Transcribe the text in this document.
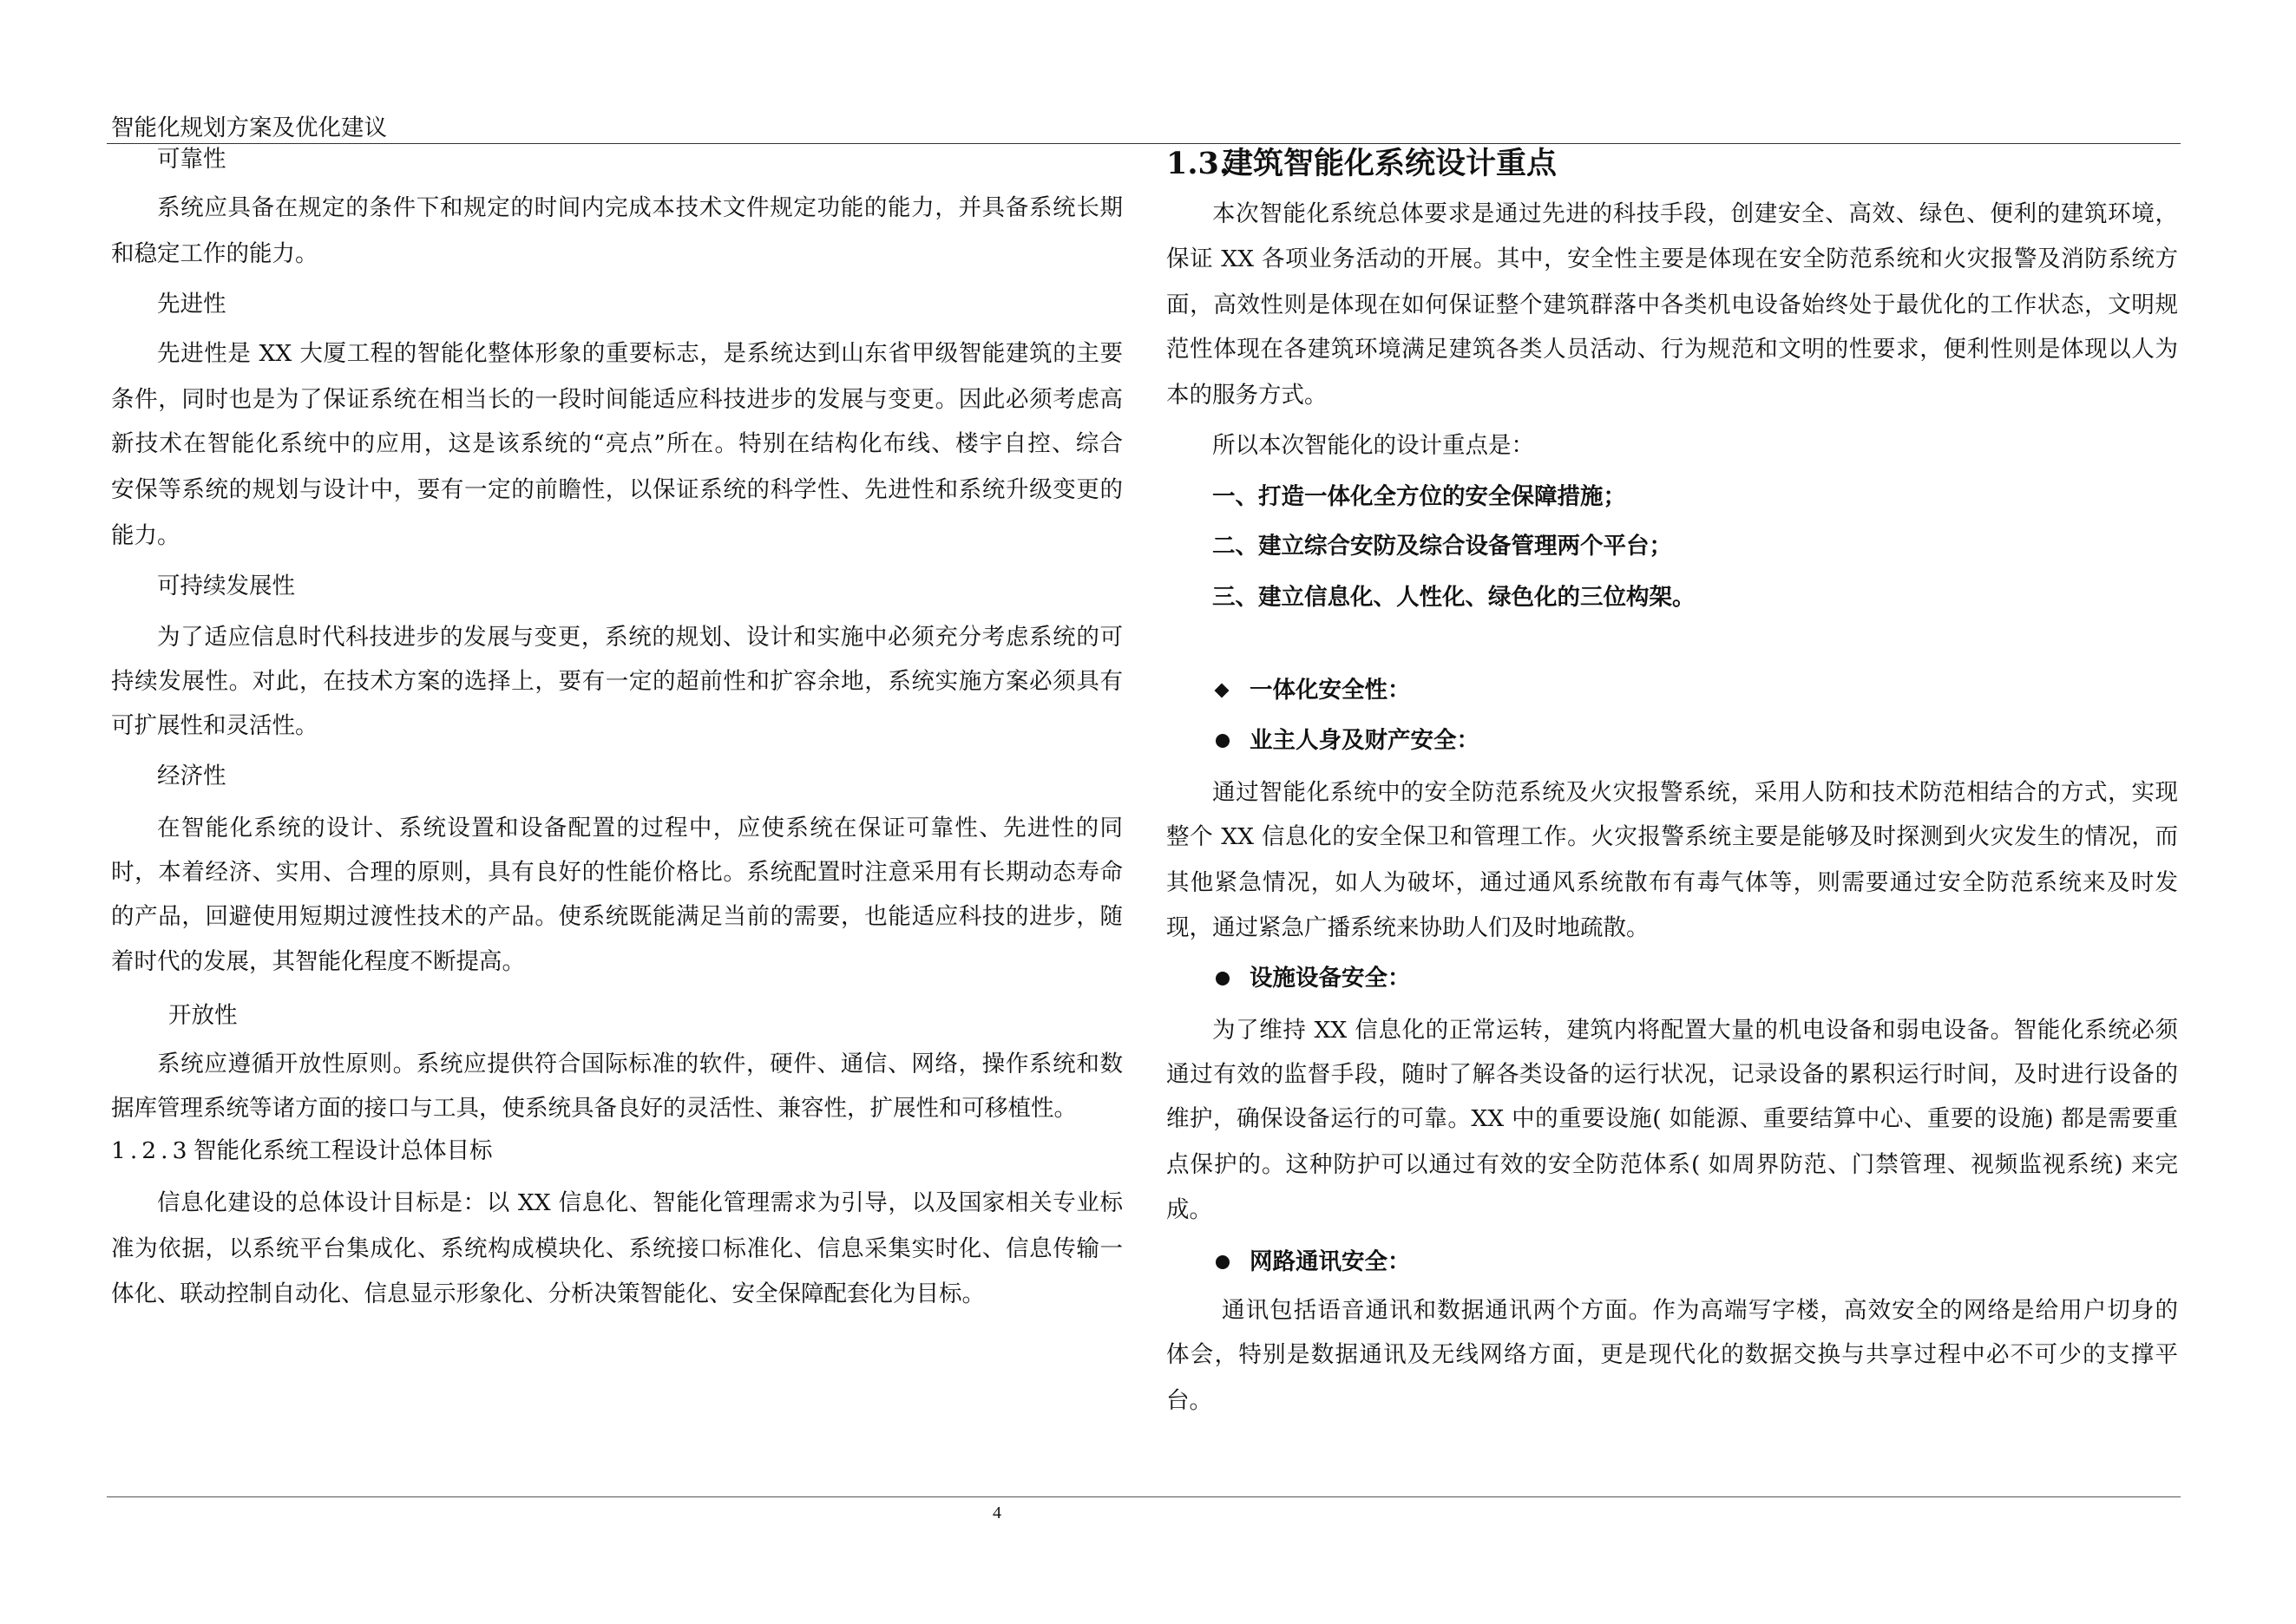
智能化规划方案及优化建议
可靠性
系统应具备在规定的条件下和规定的时间内完成本技术文件规定功能的能力，并具备系统长期
和稳定工作的能力。
先进性
先进性是 XX 大厦工程的智能化整体形象的重要标志，是系统达到山东省甲级智能建筑的主要
条件，同时也是为了保证系统在相当长的一段时间能适应科技进步的发展与变更。因此必须考虑高
新技术在智能化系统中的应用，这是该系统的“亮点”所在。特别在结构化布线、楼宇自控、综合
安保等系统的规划与设计中，要有一定的前瞻性，以保证系统的科学性、先进性和系统升级变更的
能力。
可持续发展性
为了适应信息时代科技进步的发展与变更，系统的规划、设计和实施中必须充分考虑系统的可
持续发展性。对此，在技术方案的选择上，要有一定的超前性和扩容余地，系统实施方案必须具有
可扩展性和灵活性。
经济性
在智能化系统的设计、系统设置和设备配置的过程中，应使系统在保证可靠性、先进性的同
时，本着经济、实用、合理的原则，具有良好的性能价格比。系统配置时注意采用有长期动态寿命
的产品，回避使用短期过渡性技术的产品。使系统既能满足当前的需要，也能适应科技的进步，随
着时代的发展，其智能化程度不断提高。
开放性
系统应遵循开放性原则。系统应提供符合国际标准的软件，硬件、通信、网络，操作系统和数
据库管理系统等诸方面的接口与工具，使系统具备良好的灵活性、兼容性，扩展性和可移植性。
1.2.3智能化系统工程设计总体目标
信息化建设的总体设计目标是：以 XX 信息化、智能化管理需求为引导，以及国家相关专业标
准为依据，以系统平台集成化、系统构成模块化、系统接口标准化、信息采集实时化、信息传输一
体化、联动控制自动化、信息显示形象化、分析决策智能化、安全保障配套化为目标。
1.3.建筑智能化系统设计重点
本次智能化系统总体要求是通过先进的科技手段，创建安全、高效、绿色、便利的建筑环境，
保证 XX 各项业务活动的开展。其中，安全性主要是体现在安全防范系统和火灾报警及消防系统方
面，高效性则是体现在如何保证整个建筑群落中各类机电设备始终处于最优化的工作状态，文明规
范性体现在各建筑环境满足建筑各类人员活动、行为规范和文明的性要求，便利性则是体现以人为
本的服务方式。
所以本次智能化的设计重点是：
一、打造一体化全方位的安全保障措施；
二、建立综合安防及综合设备管理两个平台；
三、建立信息化、人性化、绿色化的三位构架。
一体化安全性：
业主人身及财产安全：
通过智能化系统中的安全防范系统及火灾报警系统，采用人防和技术防范相结合的方式，实现
整个 XX 信息化的安全保卫和管理工作。火灾报警系统主要是能够及时探测到火灾发生的情况，而
其他紧急情况，如人为破坏，通过通风系统散布有毒气体等，则需要通过安全防范系统来及时发
现，通过紧急广播系统来协助人们及时地疏散。
设施设备安全：
为了维持 XX 信息化的正常运转，建筑内将配置大量的机电设备和弱电设备。智能化系统必须
通过有效的监督手段，随时了解各类设备的运行状况，记录设备的累积运行时间，及时进行设备的
维护，确保设备运行的可靠。XX 中的重要设施( 如能源、重要结算中心、重要的设施) 都是需要重
点保护的。这种防护可以通过有效的安全防范体系( 如周界防范、门禁管理、视频监视系统) 来完
成。
网路通讯安全：
通讯包括语音通讯和数据通讯两个方面。作为高端写字楼，高效安全的网络是给用户切身的
体会，特别是数据通讯及无线网络方面，更是现代化的数据交换与共享过程中必不可少的支撑平
台。
4
